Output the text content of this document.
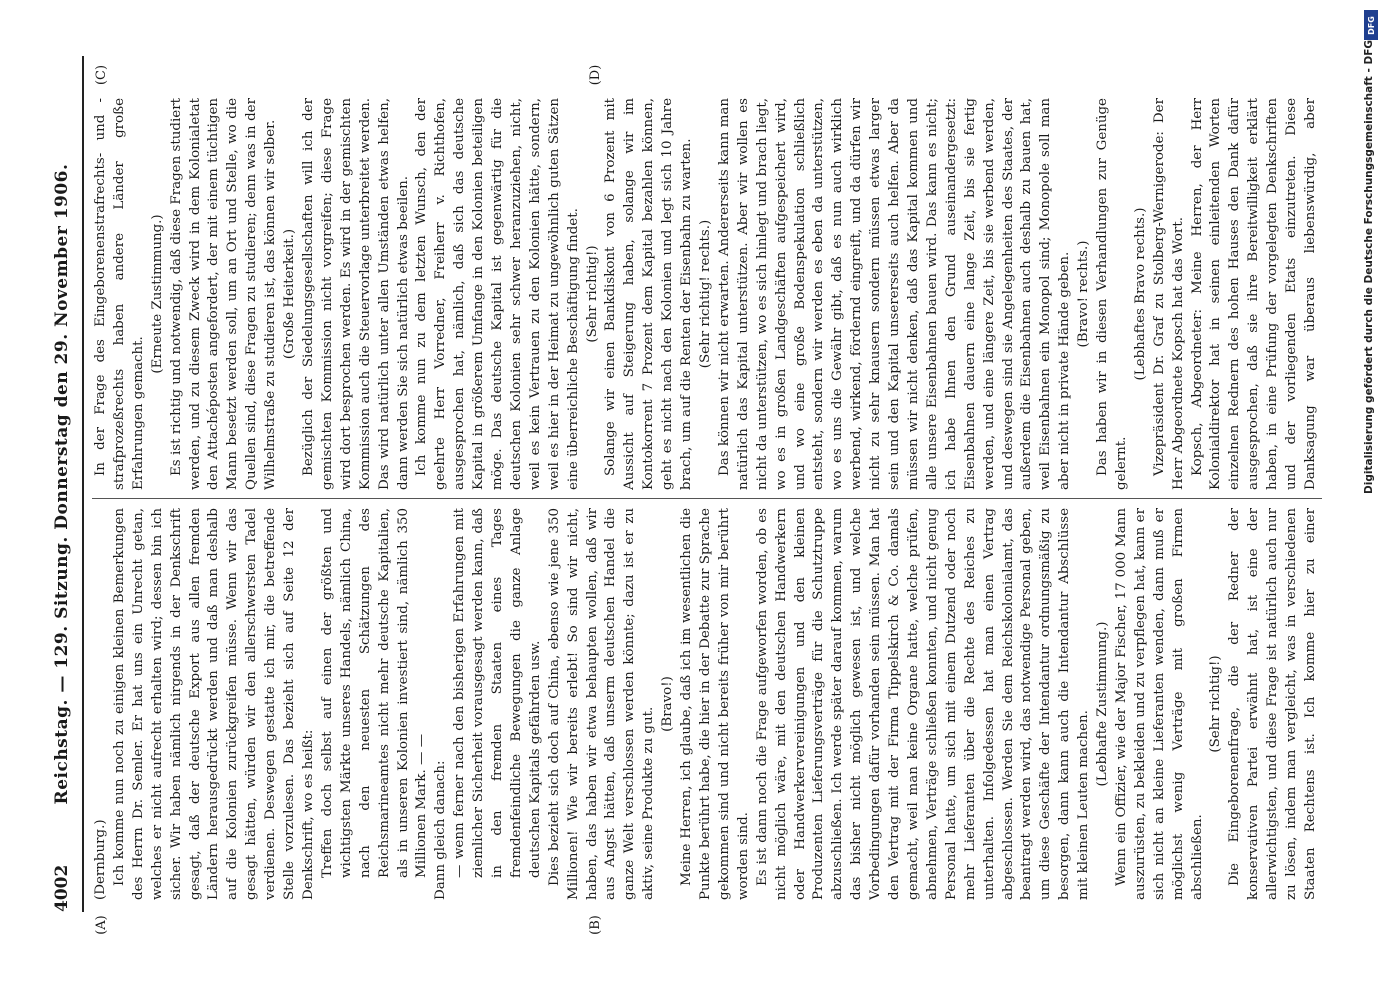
4002
Reichstag. — 129. Sitzung. Donnerstag den 29. November 1906.
(A)	(B)
(C)	(D)

(Dernburg.) Ich komme nun noch zu einigen kleinen Bemerkungen des Herrn Dr. Semler. Er hat uns ein Unrecht getan, welches er nicht aufrecht erhalten wird; dessen bin ich sicher. Wir haben nämlich nirgends in der Denkschrift gesagt, daß der deutsche Export aus allen fremden Ländern herausgedrückt werden und daß man deshalb auf die Kolonien zurückgreifen müsse. Wenn wir das gesagt hätten, würden wir den allerschwersten Tadel verdienen. Deswegen gestatte ich mir, die betreffende Stelle vorzulesen. Das bezieht sich auf Seite 12 der Denkschrift, wo es heißt: Treffen doch selbst auf einen der größten und wichtigsten Märkte unseres Handels, nämlich China, nach den neuesten Schätzungen des Reichsmarineamtes nicht mehr deutsche Kapitalien, als in unseren Kolonien investiert sind, nämlich 350 Millionen Mark. — — Dann gleich danach: — wenn ferner nach den bisherigen Erfahrungen mit ziemlicher Sicherheit vorausgesagt werden kann, daß in den fremden Staaten eines Tages fremdenfeindliche Bewegungen die ganze Anlage deutschen Kapitals gefährden usw. Dies bezieht sich doch auf China, ebenso wie jene 350 Millionen! Wie wir bereits erlebt! So sind wir nicht, haben, das haben wir etwa behaupten wollen, daß wir aus Angst hätten, daß unserm deutschen Handel die ganze Welt verschlossen werden könnte; dazu ist er zu aktiv, seine Produkte zu gut.

(Bravo!) Meine Herren, ich glaube, daß ich im wesentlichen die Punkte berührt habe, die hier in der Debatte zur Sprache gekommen sind und nicht bereits früher von mir berührt worden sind. Es ist dann noch die Frage aufgeworfen worden, ob es nicht möglich wäre, mit den deutschen Handwerkern oder Handwerkervereinigungen und den kleinen Produzenten Lieferungsverträge für die Schutztruppe abzuschließen. Ich werde später darauf kommen, warum das bisher nicht möglich gewesen ist, und welche Vorbedingungen dafür vorhanden sein müssen. Man hat den Vertrag mit der Firma Tippelskirch & Co. damals gemacht, weil man keine Organe hatte, welche prüfen, abnehmen, Verträge schließen konnten, und nicht genug Personal hatte, um sich mit einem Dutzend oder noch mehr Lieferanten über die Rechte des Reiches zu unterhalten. Infolgedessen hat man einen Vertrag abgeschlossen. Werden Sie dem Reichskolonialamt, das beantragt werden wird, das notwendige Personal geben, um diese Geschäfte der Intendantur ordnungsmäßig zu besorgen, dann kann auch die Intendantur Abschlüsse mit kleinen Leuten machen.

(Lebhafte Zustimmung.) Wenn ein Offizier, wie der Major Fischer, 17 000 Mann auszurüsten, zu bekleiden und zu verpflegen hat, kann er sich nicht an kleine Lieferanten wenden, dann muß er möglichst wenig Verträge mit großen Firmen abschließen.

(Sehr richtig!)

Die Eingeborenenfrage, die der Redner der konservativen Partei erwähnt hat, ist eine der allerwichtigsten, und diese Frage ist natürlich auch nur zu lösen, indem man vergleicht, was in verschiedenen Staaten Rechtens ist. Ich komme hier zu einer

In der Frage des Eingeborenenstrafrechts- und -strafprozeßrechts haben andere Länder große Erfahrungen gemacht.

(Erneute Zustimmung.) Es ist richtig und notwendig, daß diese Fragen studiert werden, und zu diesem Zweck wird in dem Kolonialetat den Attachéposten angefordert, der mit einem tüchtigen Mann besetzt werden soll, um an Ort und Stelle, wo die Quellen sind, diese Fragen zu studieren; denn was in der Wilhelmstraße zu studieren ist, das können wir selber. (Große Heiterkeit.) Bezüglich der Siedelungsgesellschaften will ich der gemischten Kommission nicht vorgreifen; diese Frage wird dort besprochen werden. Es wird in der gemischten Kommission auch die Steuervorlage unterbreitet werden. Das wird natürlich unter allen Umständen etwas helfen, dann werden Sie sich natürlich etwas beeilen. Ich komme nun zu dem letzten Wunsch, den der geehrte Herr Vorredner, Freiherr v. Richthofen, ausgesprochen hat, nämlich, daß sich das deutsche Kapital in größerem Umfange in den Kolonien beteiligen möge. Das deutsche Kapital ist gegenwärtig für die deutschen Kolonien sehr schwer heranzuziehen, nicht, weil es kein Vertrauen zu den Kolonien hätte, sondern, weil es hier in der Heimat zu ungewöhnlich guten Sätzen eine überreichliche Beschäftigung findet. (Sehr richtig!) Solange wir einen Bankdiskont von 6 Prozent mit Aussicht auf Steigerung haben, solange wir im Kontokorrent 7 Prozent dem Kapital bezahlen können, geht es nicht nach den Kolonien und legt sich 10 Jahre brach, um auf die Renten der Eisenbahn zu warten. (Sehr richtig! rechts.) Das können wir nicht erwarten. Andererseits kann man natürlich das Kapital unterstützen. Aber wir wollen es nicht da unterstützen, wo es sich hinlegt und brach liegt, wo es in großen Landgeschäften aufgespeichert wird, und wo eine große Bodenspekulation schließlich entsteht, sondern wir werden es eben da unterstützen, wo es uns die Gewähr gibt, daß es nun auch wirklich werbend, wirkend, fördernd eingreift, und da dürfen wir nicht zu sehr knausern sondern müssen etwas larger sein und den Kapital unsererseits auch helfen. Aber da müssen wir nicht denken, daß das Kapital kommen und alle unsere Eisenbahnen bauen wird. Das kann es nicht; ich habe Ihnen den Grund auseinandergesetzt: Eisenbahnen dauern eine lange Zeit, bis sie fertig werden, und eine längere Zeit, bis sie werbend werden, und deswegen sind sie Angelegenheiten des Staates, der außerdem die Eisenbahnen auch deshalb zu bauen hat, weil Eisenbahnen ein Monopol sind; Monopole soll man aber nicht in private Hände geben. (Bravo! rechts.) Das haben wir in diesen Verhandlungen zur Genüge gelernt.

(Lebhaftes Bravo rechts.) Vizepräsident Dr. Graf zu Stolberg-Wernigerode: Der Herr Abgeordnete Kopsch hat das Wort. Kopsch, Abgeordneter: Meine Herren, der Herr Kolonialdirektor hat in seinen einleitenden Worten einzelnen Rednern des hohen Hauses den Dank dafür ausgesprochen, daß sie ihre Bereitwilligkeit erklärt haben, in eine Prüfung der vorgelegten Denkschriften und der vorliegenden Etats einzutreten. Diese Danksagung war überaus liebenswürdig, aber

DFG
Digitalisierung gefördert durch die Deutsche Forschungsgemeinschaft - DFG
